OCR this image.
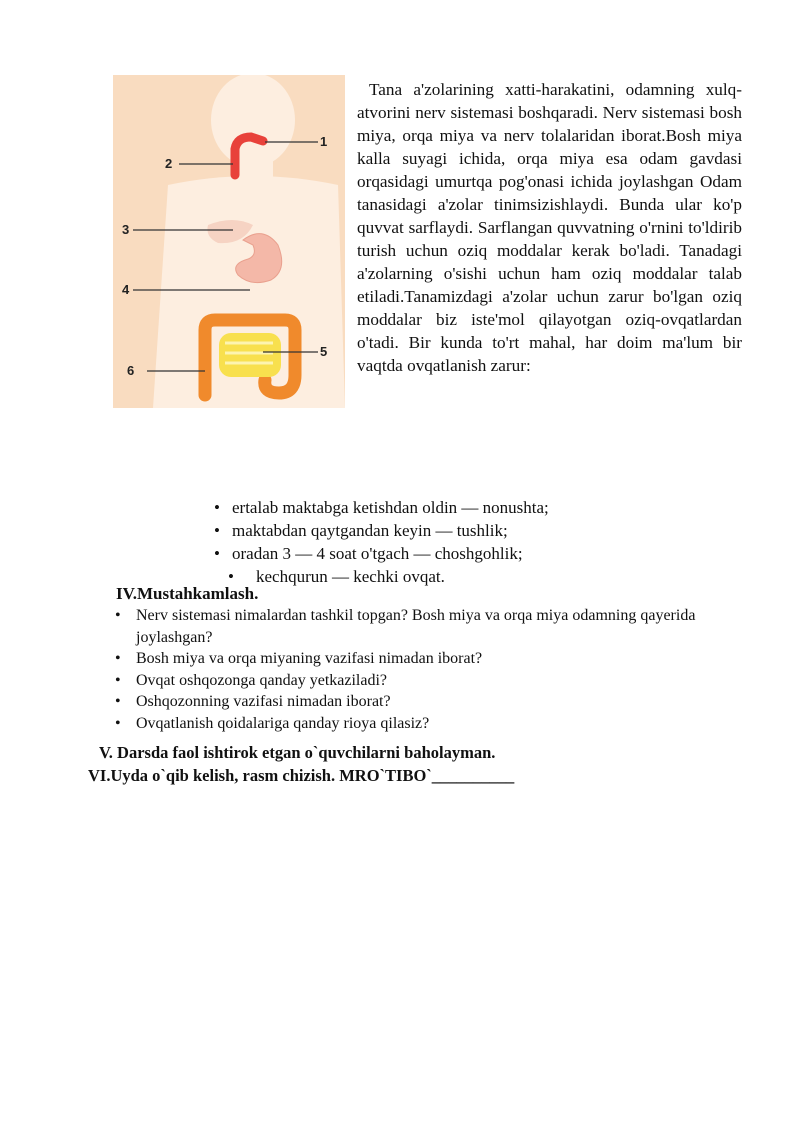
1
2
3
4
5
6

Tana a'zolarining xatti-harakatini, odamning xulq-atvorini nerv sistemasi boshqaradi. Nerv sistemasi bosh miya, orqa miya va nerv tolalaridan iborat.Bosh miya kalla suyagi ichida, orqa miya esa odam gavdasi orqasidagi umurtqa pog'onasi ichida joylashgan Odam tanasidagi a'zolar tinimsizishlaydi. Bunda ular ko'p quvvat sarflaydi. Sarflangan quvvatning o'rnini to'ldirib turish uchun oziq moddalar kerak bo'ladi. Tanadagi a'zolarning o'sishi uchun ham oziq moddalar talab etiladi.Tanamizdagi a'zolar uchun zarur bo'lgan oziq moddalar biz iste'mol qilayotgan oziq-ovqatlardan o'tadi. Bir kunda to'rt mahal, har doim ma'lum bir vaqtda ovqatlanish zarur:

• ertalab maktabga ketishdan oldin — nonushta;
• maktabdan qaytgandan keyin — tushlik;
• oradan 3 — 4 soat o'tgach — choshgohlik;
• kechqurun — kechki ovqat.

IV.Mustahkamlash.

• Nerv sistemasi nimalardan tashkil topgan? Bosh miya va orqa miya odamning qayerida joylashgan?
• Bosh miya va orqa miyaning vazifasi nimadan iborat?
• Ovqat oshqozonga qanday yetkaziladi?
• Oshqozonning vazifasi nimadan iborat?
• Ovqatlanish qoidalariga qanday rioya qilasiz?

V. Darsda faol ishtirok etgan o`quvchilarni baholayman.

VI.Uyda o`qib kelish, rasm chizish. MRO`TIBO`__________
